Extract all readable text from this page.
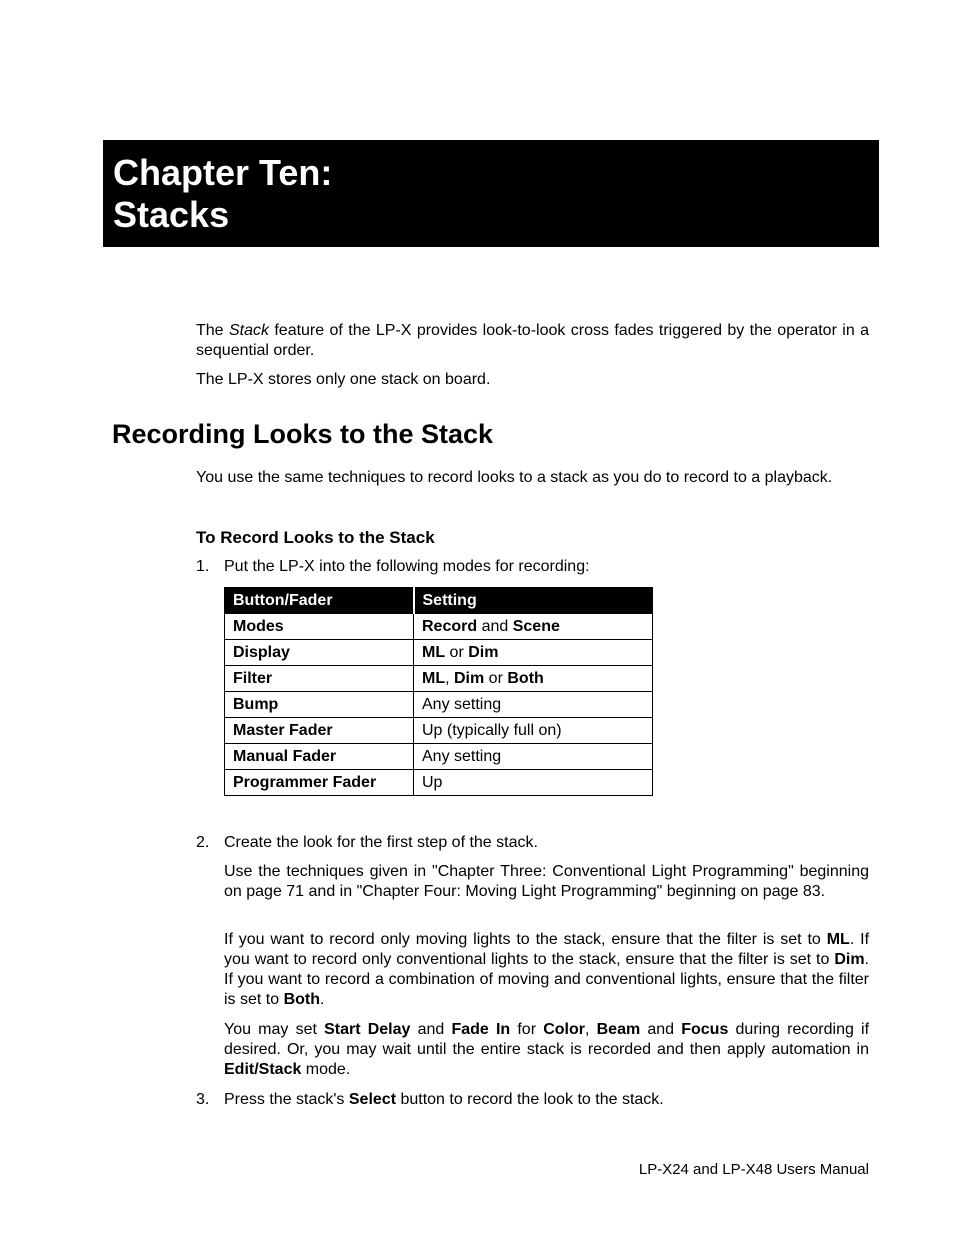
Chapter Ten:
Stacks

The Stack feature of the LP-X provides look-to-look cross fades triggered by the operator in a sequential order.

The LP-X stores only one stack on board.

Recording Looks to the Stack

You use the same techniques to record looks to a stack as you do to record to a playback.

To Record Looks to the Stack
1. Put the LP-X into the following modes for recording:
Button/Fader	Setting
Modes	Record and Scene
Display	ML or Dim
Filter	ML, Dim or Both
Bump	Any setting
Master Fader	Up (typically full on)
Manual Fader	Any setting
Programmer Fader	Up
2. Create the look for the first step of the stack.

Use the techniques given in "Chapter Three: Conventional Light Programming" beginning on page 71 and in "Chapter Four: Moving Light Programming" beginning on page 83.

If you want to record only moving lights to the stack, ensure that the filter is set to ML. If you want to record only conventional lights to the stack, ensure that the filter is set to Dim. If you want to record a combination of moving and conventional lights, ensure that the filter is set to Both.

You may set Start Delay and Fade In for Color, Beam and Focus during recording if desired. Or, you may wait until the entire stack is recorded and then apply automation in Edit/Stack mode.

3. Press the stack's Select button to record the look to the stack.
LP-X24 and LP-X48 Users Manual
